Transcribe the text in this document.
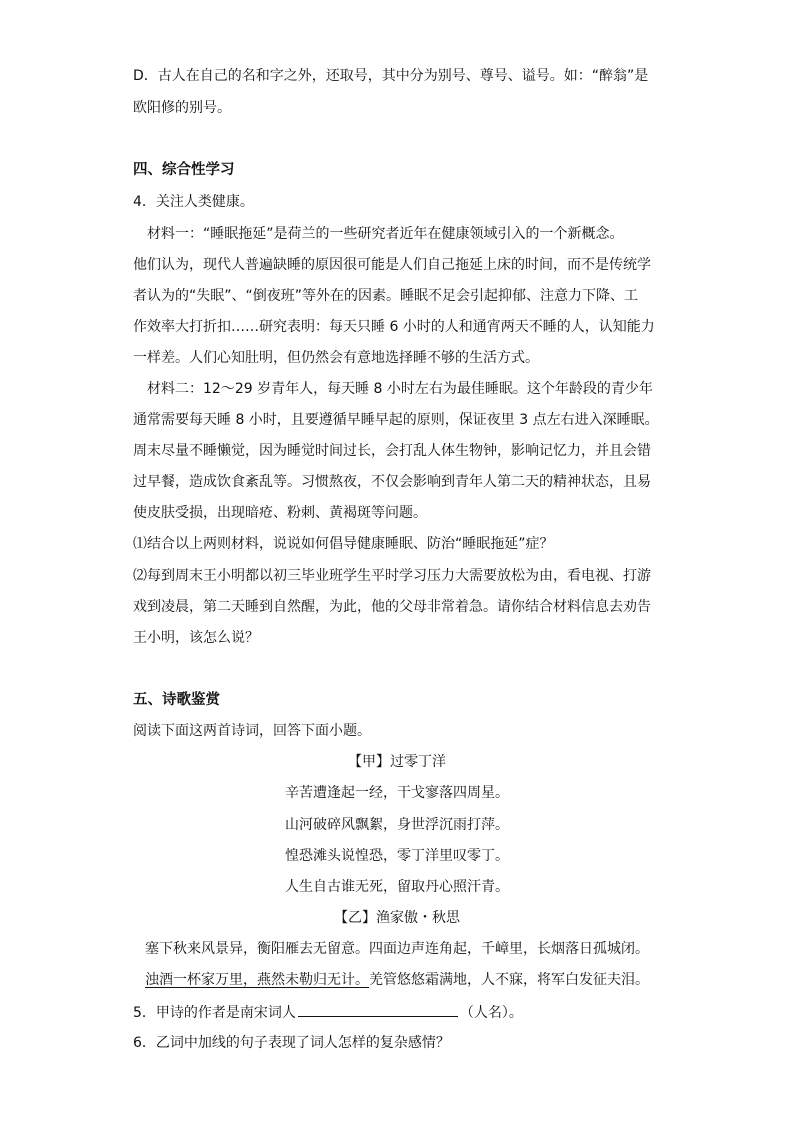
D．古人在自己的名和字之外，还取号，其中分为别号、尊号、谥号。如：“醉翁”是
欧阳修的别号。
四、综合性学习
4．关注人类健康。
材料一：“睡眠拖延”是荷兰的一些研究者近年在健康领域引入的一个新概念。
他们认为，现代人普遍缺睡的原因很可能是人们自己拖延上床的时间，而不是传统学
者认为的“失眠”、“倒夜班”等外在的因素。睡眠不足会引起抑郁、注意力下降、工
作效率大打折扣……研究表明：每天只睡 6 小时的人和通宵两天不睡的人，认知能力
一样差。人们心知肚明，但仍然会有意地选择睡不够的生活方式。
材料二：12～29 岁青年人，每天睡 8 小时左右为最佳睡眠。这个年龄段的青少年
通常需要每天睡 8 小时，且要遵循早睡早起的原则，保证夜里 3 点左右进入深睡眠。
周末尽量不睡懒觉，因为睡觉时间过长，会打乱人体生物钟，影响记忆力，并且会错
过早餐，造成饮食紊乱等。习惯熬夜，不仅会影响到青年人第二天的精神状态，且易
使皮肤受损，出现暗疮、粉刺、黄褐斑等问题。
⑴结合以上两则材料，说说如何倡导健康睡眠、防治“睡眠拖延”症？
⑵每到周末王小明都以初三毕业班学生平时学习压力大需要放松为由，看电视、打游
戏到凌晨，第二天睡到自然醒，为此，他的父母非常着急。请你结合材料信息去劝告
王小明，该怎么说？
五、诗歌鉴赏
阅读下面这两首诗词，回答下面小题。
【甲】过零丁洋
辛苦遭逢起一经，干戈寥落四周星。
山河破碎风飘絮，身世浮沉雨打萍。
惶恐滩头说惶恐，零丁洋里叹零丁。
人生自古谁无死，留取丹心照汗青。
【乙】渔家傲・秋思
塞下秋来风景异，衡阳雁去无留意。四面边声连角起，千嶂里，长烟落日孤城闭。
浊酒一杯家万里，燕然未勒归无计。羌管悠悠霜满地，人不寐，将军白发征夫泪。
5．甲诗的作者是南宋词人	（人名）。
6．乙词中加线的句子表现了词人怎样的复杂感情？
